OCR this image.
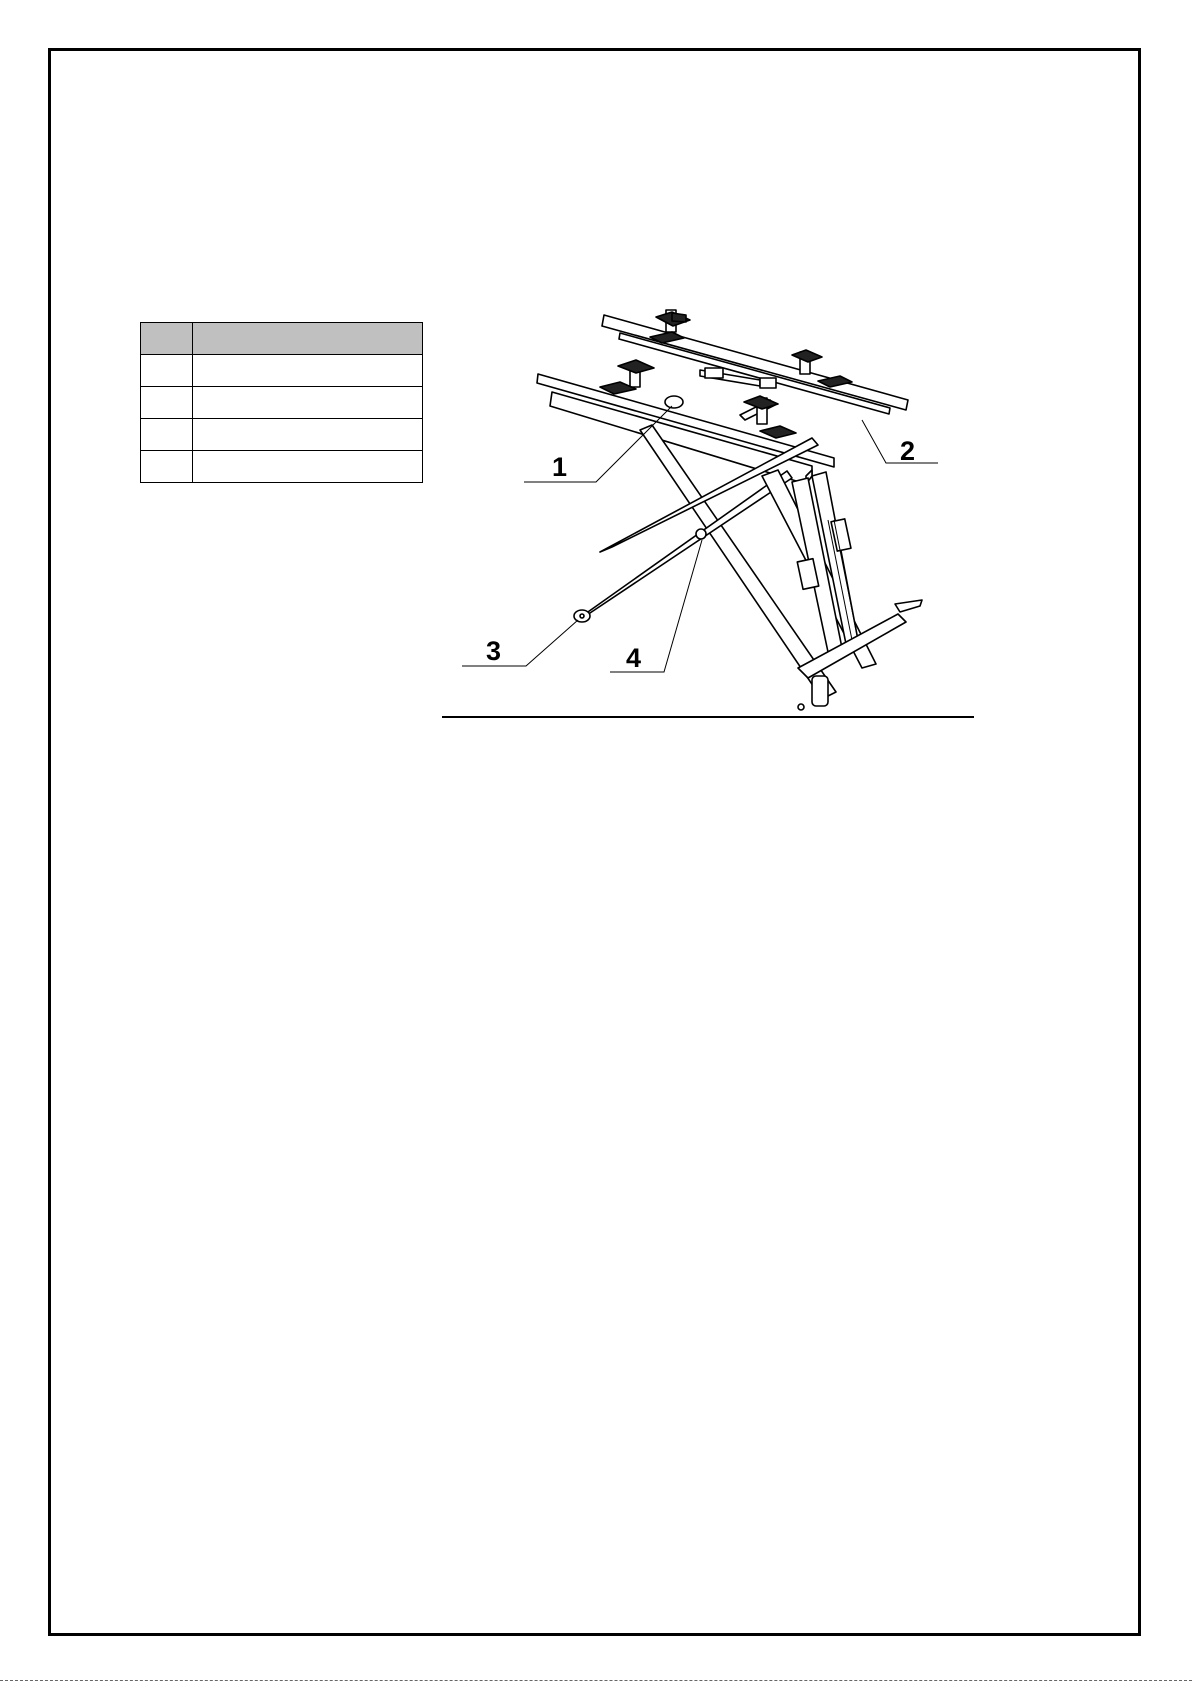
1
2
3	4
